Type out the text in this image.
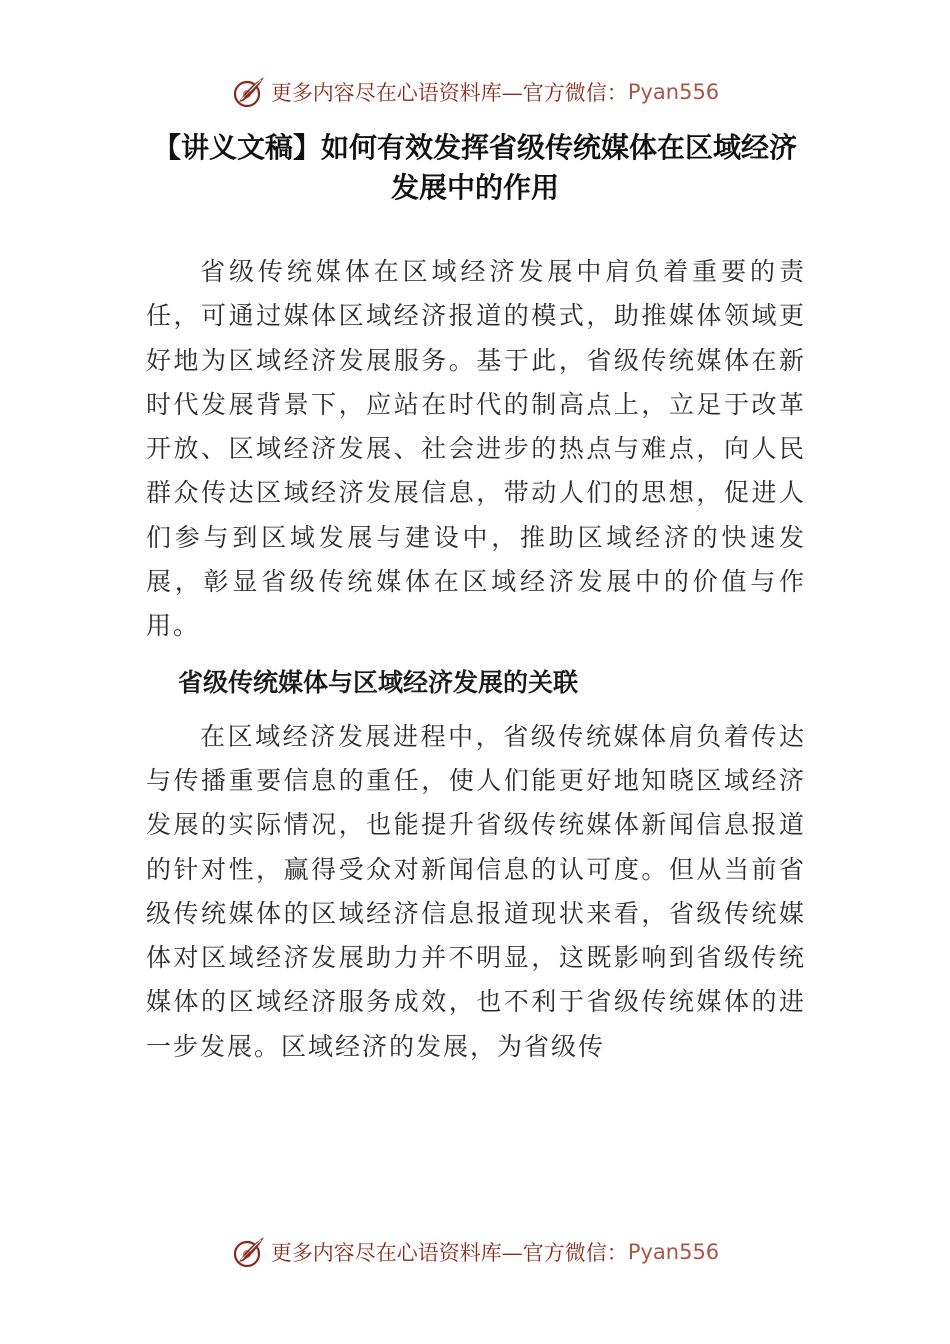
更多内容尽在心语资料库—官方微信： Pyan556
【讲义文稿】如何有效发挥省级传统媒体在区域经济发展中的作用

省级传统媒体在区域经济发展中肩负着重要的责任，可通过媒体区域经济报道的模式，助推媒体领域更好地为区域经济发展服务。基于此，省级传统媒体在新时代发展背景下，应站在时代的制高点上，立足于改革开放、区域经济发展、社会进步的热点与难点，向人民群众传达区域经济发展信息，带动人们的思想，促进人们参与到区域发展与建设中，推助区域经济的快速发展，彰显省级传统媒体在区域经济发展中的价值与作用。

省级传统媒体与区域经济发展的关联

在区域经济发展进程中，省级传统媒体肩负着传达与传播重要信息的重任，使人们能更好地知晓区域经济发展的实际情况，也能提升省级传统媒体新闻信息报道的针对性，赢得受众对新闻信息的认可度。但从当前省级传统媒体的区域经济信息报道现状来看，省级传统媒体对区域经济发展助力并不明显，这既影响到省级传统媒体的区域经济服务成效，也不利于省级传统媒体的进一步发展。区域经济的发展，为省级传

更多内容尽在心语资料库—官方微信： Pyan556
